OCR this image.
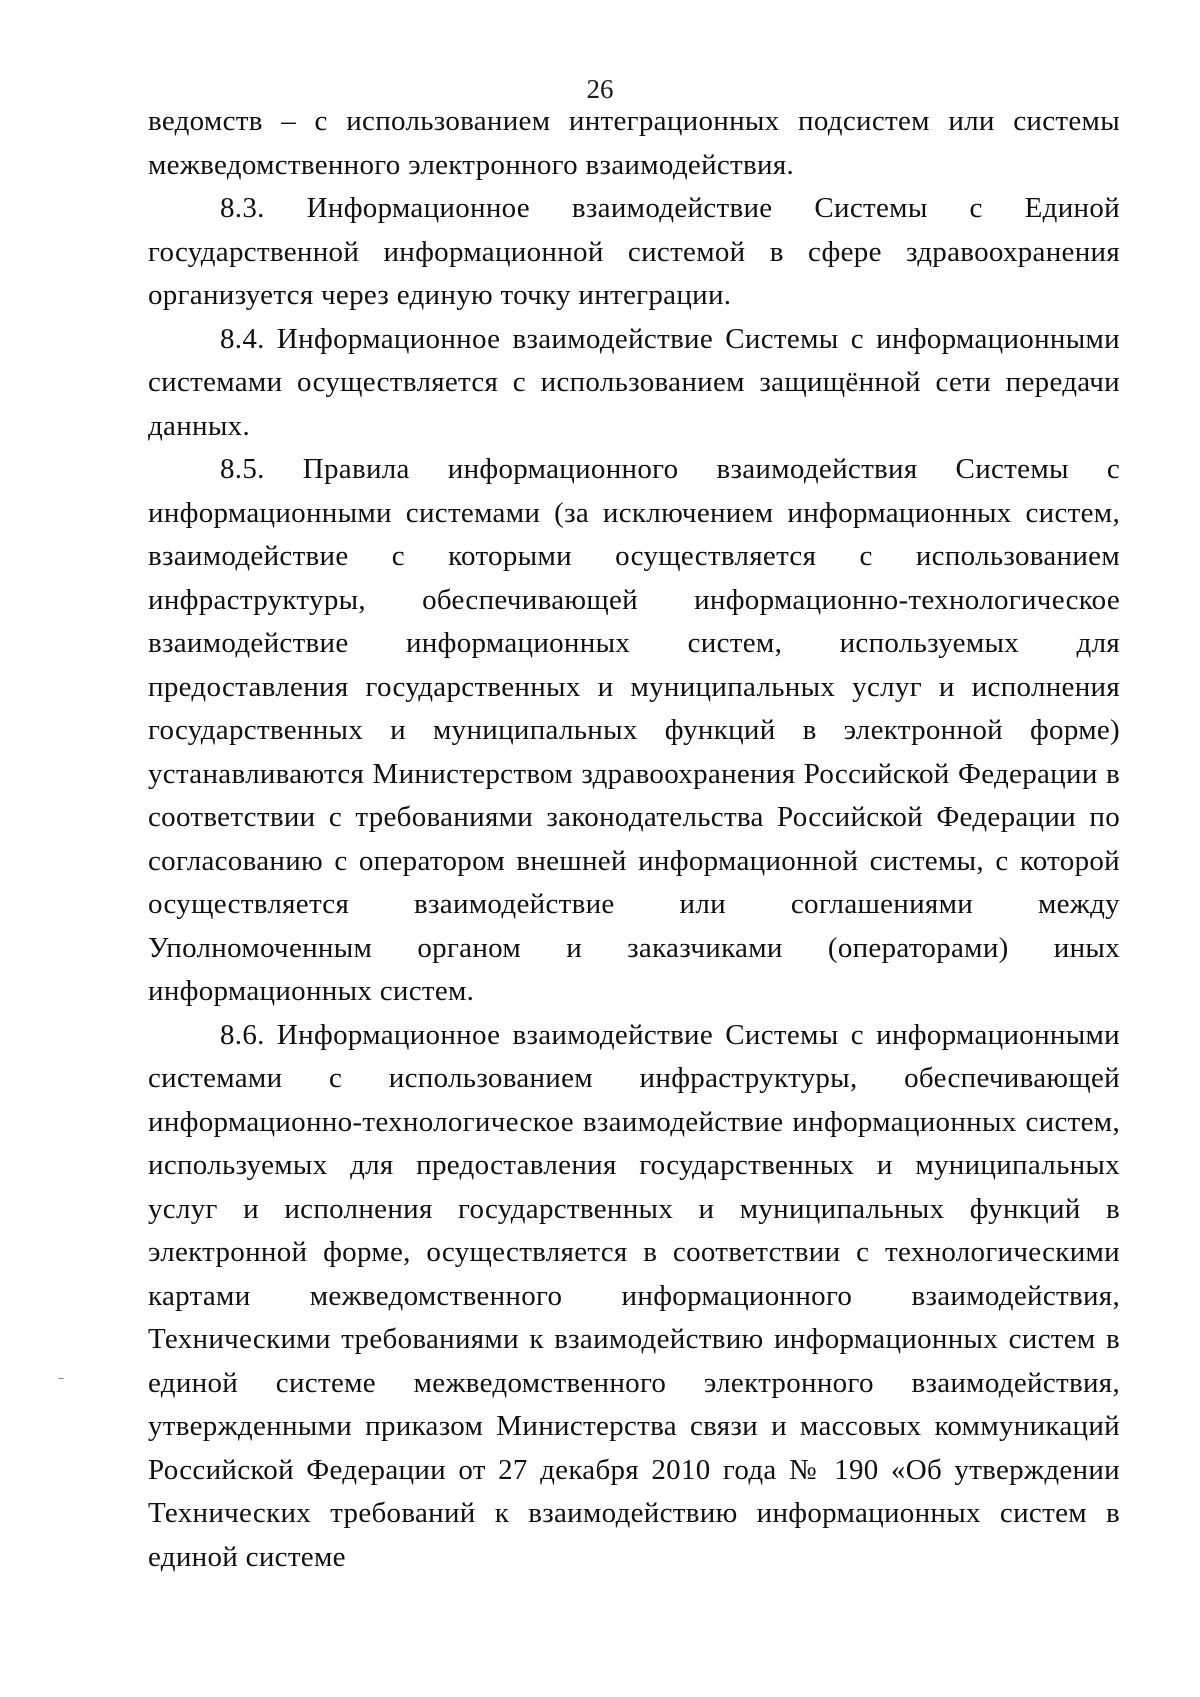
26

ведомств – с использованием интеграционных подсистем или системы межведомственного электронного взаимодействия.

8.3. Информационное взаимодействие Системы с Единой государственной информационной системой в сфере здравоохранения организуется через единую точку интеграции.

8.4. Информационное взаимодействие Системы с информационными системами осуществляется с использованием защищённой сети передачи данных.

8.5. Правила информационного взаимодействия Системы с информационными системами (за исключением информационных систем, взаимодействие с которыми осуществляется с использованием инфраструктуры, обеспечивающей информационно-технологическое взаимодействие информационных систем, используемых для предоставления государственных и муниципальных услуг и исполнения государственных и муниципальных функций в электронной форме) устанавливаются Министерством здравоохранения Российской Федерации в соответствии с требованиями законодательства Российской Федерации по согласованию с оператором внешней информационной системы, с которой осуществляется взаимодействие или соглашениями между Уполномоченным органом и заказчиками (операторами) иных информационных систем.

8.6. Информационное взаимодействие Системы с информационными системами с использованием инфраструктуры, обеспечивающей информационно-технологическое взаимодействие информационных систем, используемых для предоставления государственных и муниципальных услуг и исполнения государственных и муниципальных функций в электронной форме, осуществляется в соответствии с технологическими картами межведомственного информационного взаимодействия, Техническими требованиями к взаимодействию информационных систем в единой системе межведомственного электронного взаимодействия, утвержденными приказом Министерства связи и массовых коммуникаций Российской Федерации от 27 декабря 2010 года № 190 «Об утверждении Технических требований к взаимодействию информационных систем в единой системе
